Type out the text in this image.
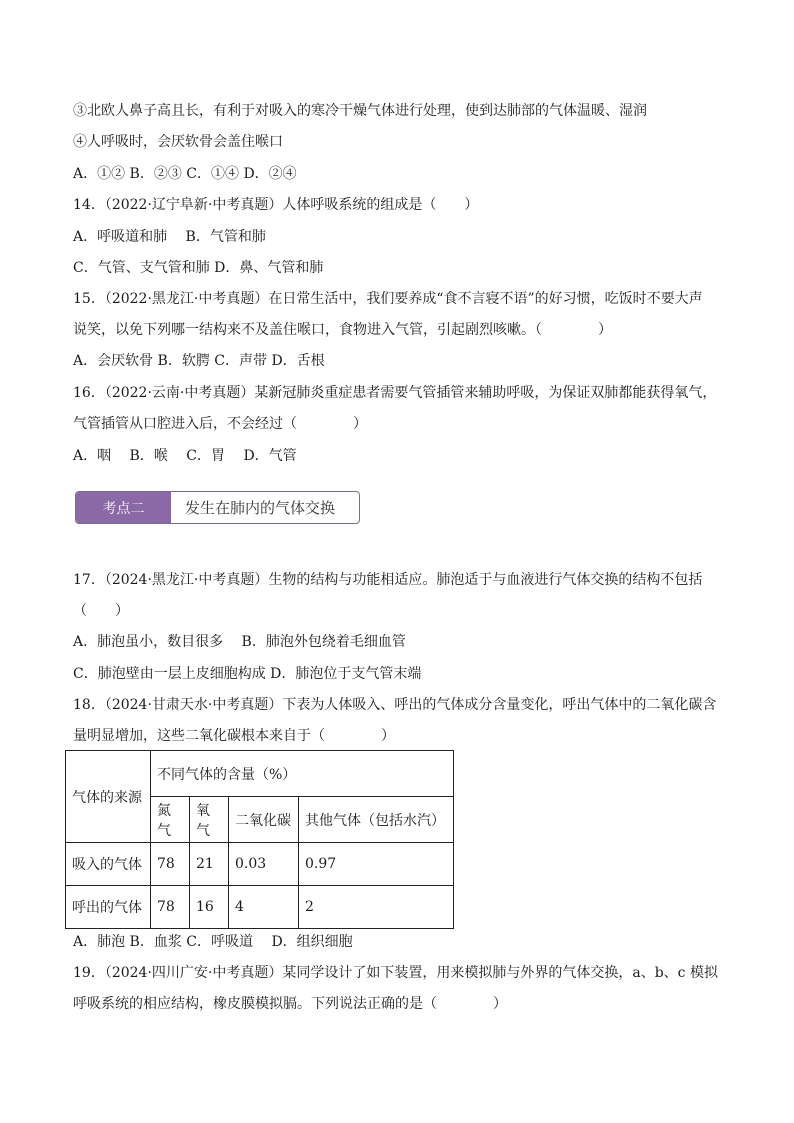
③北欧人鼻子高且长，有利于对吸入的寒冷干燥气体进行处理，使到达肺部的气体温暖、湿润

④人呼吸时，会厌软骨会盖住喉口

A．①② B．②③ C．①④ D．②④

14．（2022·辽宁阜新·中考真题）人体呼吸系统的组成是（　　）

A．呼吸道和肺　 B．气管和肺

C．气管、支气管和肺 D．鼻、气管和肺

15．（2022·黑龙江·中考真题）在日常生活中，我们要养成“食不言寝不语”的好习惯，吃饭时不要大声

说笑，以免下列哪一结构来不及盖住喉口，食物进入气管，引起剧烈咳嗽。（　　　　）

A．会厌软骨 B．软腭 C．声带 D．舌根

16．（2022·云南·中考真题）某新冠肺炎重症患者需要气管插管来辅助呼吸，为保证双肺都能获得氧气，

气管插管从口腔进入后，不会经过（　　　　）

A．咽　 B．喉　 C．胃　 D．气管

考点二	发生在肺内的气体交换

17．（2024·黑龙江·中考真题）生物的结构与功能相适应。肺泡适于与血液进行气体交换的结构不包括

（　　）

A．肺泡虽小，数目很多　 B．肺泡外包绕着毛细血管

C．肺泡壁由一层上皮细胞构成 D．肺泡位于支气管末端

18．（2024·甘肃天水·中考真题）下表为人体吸入、呼出的气体成分含量变化，呼出气体中的二氧化碳含

量明显增加，这些二氧化碳根本来自于（　　　　）

气体的来源	不同气体的含量（%）			
	氮气	氧气	二氧化碳	其他气体（包括水汽）
吸入的气体	78	21	0.03	0.97
呼出的气体	78	16	4	2

A．肺泡 B．血浆 C．呼吸道　 D．组织细胞

19．（2024·四川广安·中考真题）某同学设计了如下装置，用来模拟肺与外界的气体交换，a、b、c 模拟

呼吸系统的相应结构，橡皮膜模拟膈。下列说法正确的是（　　　　）
